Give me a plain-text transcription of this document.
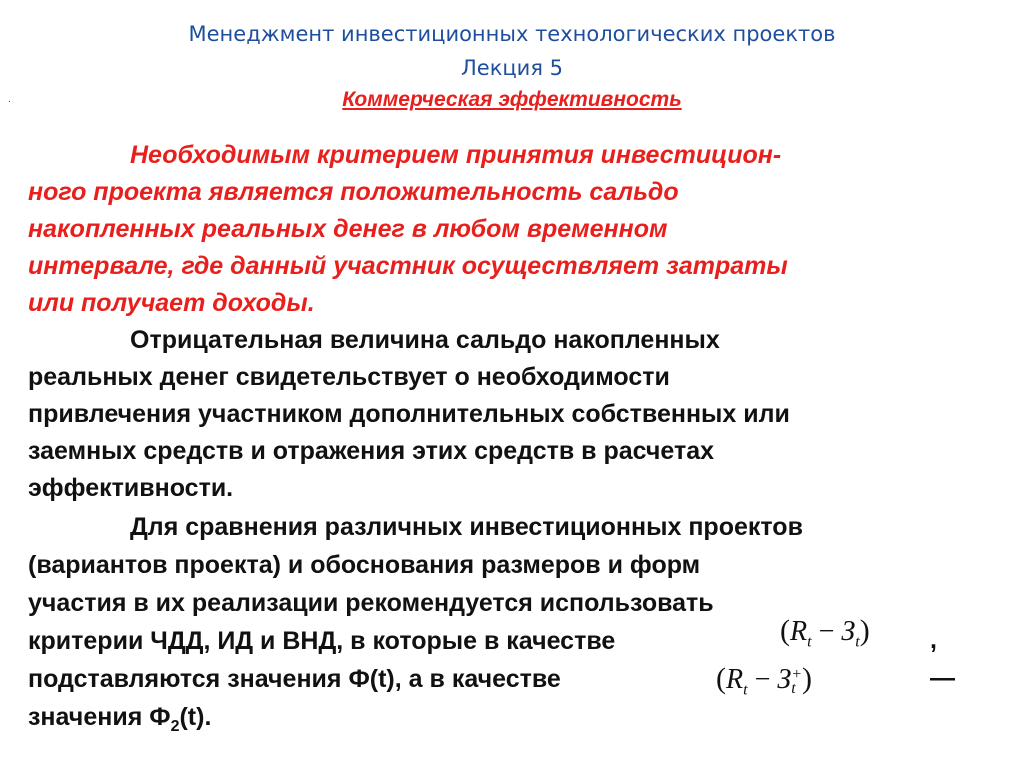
Менеджмент инвестиционных технологических проектов
Лекция 5
.	Коммерческая эффективность
Необходимым критерием принятия инвестицион-
ного проекта является положительность сальдо
накопленных реальных денег в любом временном
интервале, где данный участник осуществляет затраты
или получает доходы.
Отрицательная величина сальдо накопленных
реальных денег свидетельствует о необходимости
привлечения участником дополнительных собственных или
заемных средств и отражения этих средств в расчетах
эффективности.
Для сравнения различных инвестиционных проектов
(вариантов проекта) и обоснования размеров и форм
участия в их реализации рекомендуется использовать
критерии ЧДД, ИД и ВНД, в которые в качестве
подставляются значения Ф(t), а в качестве
значения $Ф_2(t)$.
$(R_t - З_t)$ ,
($R_t - З$ +
t )	—
